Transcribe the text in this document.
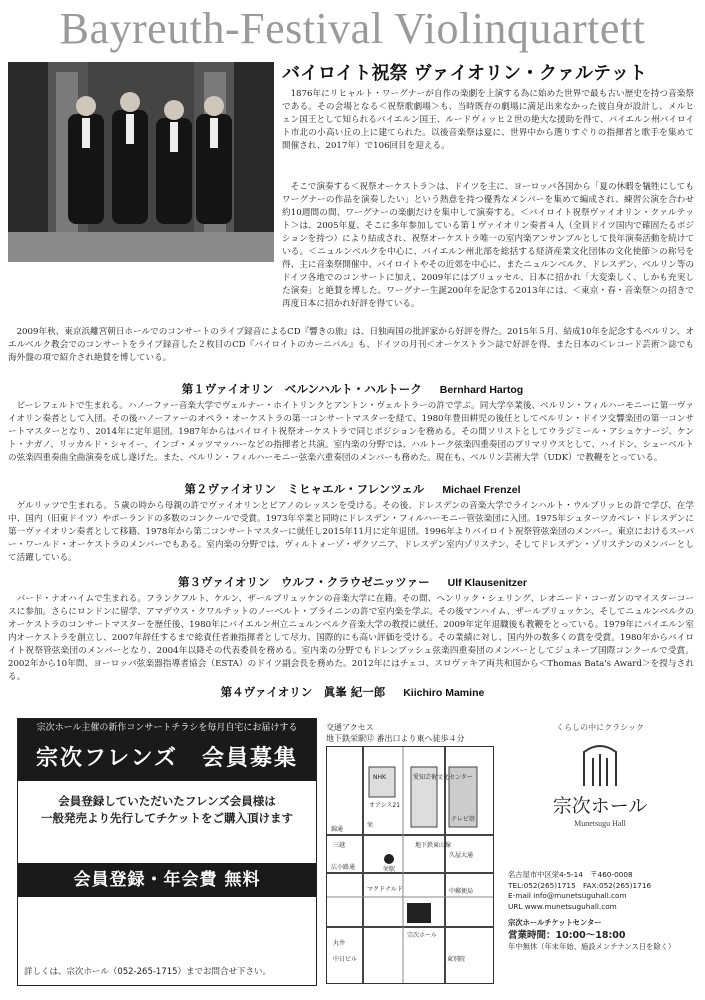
Bayreuth-Festival Violinquartett
バイロイト祝祭 ヴァイオリン・クァルテット
1876年にリヒャルト・ワーグナーが自作の楽劇を上演する為に始めた世界で最も古い歴史を持つ音楽祭である。その会場となる＜祝祭歌劇場＞も、当時既存の劇場に満足出来なかった彼自身が設計し、メルヒェン国王として知られるバイエルン国王、ルードヴィッヒ２世の絶大な援助を得て、バイエルン州バイロイト市北の小高い丘の上に建てられた。以後音楽祭は夏に、世界中から選りすぐりの指揮者と歌手を集めて開催され、2017年）で106回目を迎える。
そこで演奏する＜祝祭オーケストラ＞は、ドイツを主に、ヨーロッパ各国から「夏の休暇を犠牲にしてもワーグナーの作品を演奏したい」という熱意を持つ優秀なメンバーを集めて編成され、練習公演を合わせ約10週間の間、ワーグナーの楽劇だけを集中して演奏する。＜バイロイト祝祭ヴァイオリン・クァルテット＞は、2005年夏、そこに多年参加している第１ヴァイオリン奏者４人（全員ドイツ国内で確固たるポジションを持つ）により結成され、祝祭オーケストラ唯一の室内楽アンサンブルとして長年演奏活動を続けている。＜ニュルンベルクを中心に、バイエルン州北部を総括する経済産業文化団体の文化使節＞の称号を得、主に音楽祭開催中、バイロイトやその近郊を中心に、またニュルンベルク、ドレスデン、ベルリン等のドイツ各地でのコンサートに加え、2009年にはブリュッセル、日本に招かれ「大変楽しく、しかも充実した演奏」と絶賛を博した。ワーグナー生誕200年を記念する2013年には、＜東京・春・音楽祭＞の招きで再度日本に招かれ好評を得ている。
2009年秋、東京浜離宮朝日ホールでのコンサートのライブ録音によるCD『響きの旅』は、日独両国の批評家から好評を得た。2015年５月、結成10年を記念するベルリン、オエルベルク教会でのコンサートをライブ録音した２枚目のCD『バイロイトのカーニバル』も、ドイツの月刊＜オーケストラ＞誌で好評を得、また日本の＜レコード芸術＞誌でも海外盤の項で紹介され絶賛を博している。
第１ヴァイオリン　ベルンハルト・ハルトーク Bernhard Hartog
ビーレフェルトで生まれる。ハノーファー音楽大学でヴェルナー・ホイトリンクとアントン・ヴェルトラーの許で学ぶ。同大学卒業後、ベルリン・フィルハーモニーに第一ヴァイオリン奏者として入団。その後ハノーファーのオペラ・オーケストラの第一コンサートマスターを経て、1980年豊田耕児の後任としてベルリン・ドイツ交響楽団の第一コンサートマスターとなり、2014年に定年退団。1987年からはバイロイト祝祭オーケストラで同じポジションを務める。その間ソリストとしてウラジミール・アシュケナージ、ケント・ナガノ、リッカルド・シャイー、インゴ・メッツマッハーなどの指揮者と共演。室内楽の分野では、ハルトーク弦楽四重奏団のプリマリウスとして、ハイドン、シューベルトの弦楽四重奏曲全曲演奏を成し遂げた。また、ベルリン・フィルハーモニー弦楽六重奏団のメンバーも務めた。現在も、ベルリン芸術大学（UDK）で教鞭をとっている。
第２ヴァイオリン　ミヒャエル・フレンツェル Michael Frenzel
ゲルリッツで生まれる。５歳の時から母親の許でヴァイオリンとピアノのレッスンを受ける。その後、ドレスデンの音楽大学でラインハルト・ウルブリッヒの許で学び、在学中、国内（旧東ドイツ）やポーランドの多数のコンクールで受賞。1973年卒業と同時にドレスデン・フィルハーモニー管弦楽団に入団。1975年シュターツカペレ・ドレスデンに第一ヴァイオリン奏者として移籍、1978年から第二コンサートマスターに就任し2015年11月に定年退団。1996年よりバイロイト祝祭管弦楽団のメンバー。東京におけるスーパー・ワールド・オーケストラのメンバーでもある。室内楽の分野では、ヴィルトォーゾ・ザクソニア、ドレスデン室内ゾリステン、そしてドレスデン・ゾリステンのメンバーとして活躍している。
第３ヴァイオリン　ウルフ・クラウゼニッツァー Ulf Klausenitzer
バード・ナオハイムで生まれる。フランクフルト、ケルン、ザールブリュッケンの音楽大学に在籍。その間、ヘンリック・シェリング、レオニード・コーガンのマイスターコースに参加。さらにロンドンに留学、アマデウス・クワルテットのノーベルト・ブライニンの許で室内楽を学ぶ。その後マンハイム、ザールブリュッケン、そしてニュルンベルクのオーケストラのコンサートマスターを歴任後、1980年にバイエルン州立ニュルンベルク音楽大学の教授に就任、2009年定年退職後も教鞭をとっている。1979年にバイエルン室内オーケストラを創立し、2007年辞任するまで総責任者兼指揮者として尽力、国際的にも高い評価を受ける。その業績に対し、国内外の数多くの賞を受賞。1980年からバイロイト祝祭管弦楽団のメンバーとなり、2004年以降その代表委員を務める。室内楽の分野でもドレンブッシュ弦楽四重奏団のメンバーとしてジュネーブ国際コンクールで受賞。2002年から10年間、ヨーロッパ弦楽器指導者協会（ESTA）のドイツ副会長を務めた。2012年にはチェコ、スロヴァキア両共和国から＜Thomas Bata's Award＞を授与される。
第４ヴァイオリン　眞峯 紀一郎 Kiichiro Mamine
宗次ホール主催の新作コンサートチラシを毎月自宅にお届けする
宗次フレンズ　会員募集
会員登録していただいたフレンズ会員様は
一般発売より先行してチケットをご購入頂けます
会員登録・年会費 無料
詳しくは、宗次ホール（052-265-1715）までお問合せ下さい。
交通アクセス
地下鉄栄駅⑫ 番出口より東へ徒歩４分
NHK	愛知芸術文化センター
オアシス21
テレビ塔
久屋大通
錦通
広小路通
地下鉄東山線
栄駅
マクドナルド	中郵便局
丸井
宗次ホール
中日ビル	東別院
三越
栄
くらしの中にクラシック
宗次ホール
Munetsugu Hall
名古屋市中区栄4-5-14　〒460-0008
TEL:052(265)1715　FAX:052(265)1716
E-mail info@munetsuguhall.com
URL www.munetsuguhall.com
宗次ホールチケットセンター
営業時間：10:00〜18:00
年中無休（年末年始、施設メンテナンス日を除く）
